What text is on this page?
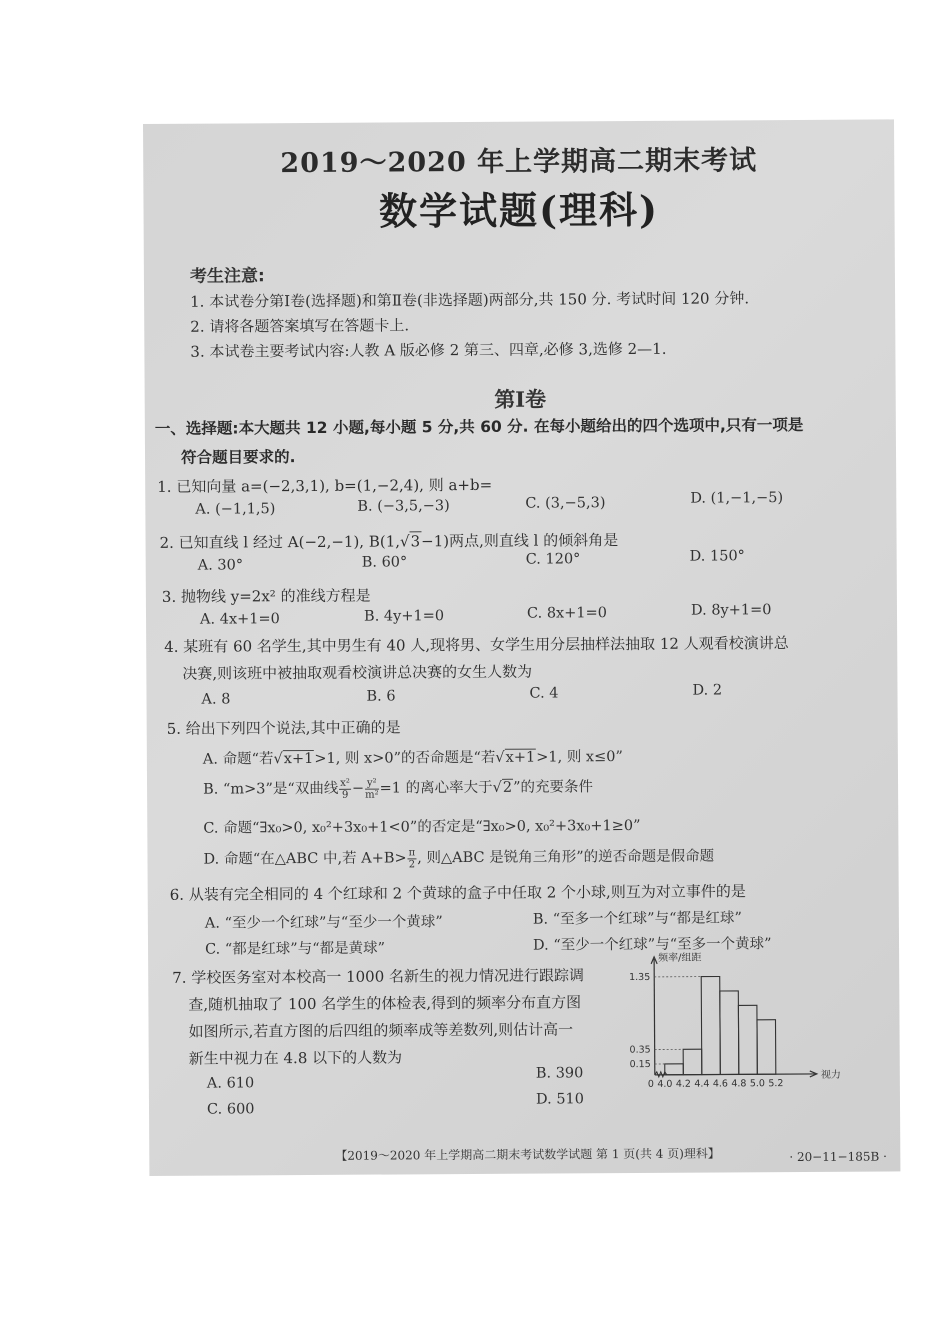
2019～2020 年上学期高二期末考试
数学试题(理科)
考生注意:
1. 本试卷分第Ⅰ卷(选择题)和第Ⅱ卷(非选择题)两部分,共 150 分. 考试时间 120 分钟.
2. 请将各题答案填写在答题卡上.
3. 本试卷主要考试内容:人教 A 版必修 2 第三、四章,必修 3,选修 2—1.
第Ⅰ卷
一、选择题:本大题共 12 小题,每小题 5 分,共 60 分. 在每小题给出的四个选项中,只有一项是
符合题目要求的.
1. 已知向量 a=(−2,3,1), b=(1,−2,4), 则 a+b=
A. (−1,1,5)	B. (−3,5,−3)	C. (3,−5,3)	D. (1,−1,−5)
2. 已知直线 l 经过 A(−2,−1), B(1,√3−1)两点,则直线 l 的倾斜角是
A. 30°	B. 60°	C. 120°	D. 150°
3. 抛物线 y=2x² 的准线方程是
A. 4x+1=0	B. 4y+1=0	C. 8x+1=0	D. 8y+1=0
4. 某班有 60 名学生,其中男生有 40 人,现将男、女学生用分层抽样法抽取 12 人观看校演讲总
决赛,则该班中被抽取观看校演讲总决赛的女生人数为
A. 8	B. 6	C. 4	D. 2
5. 给出下列四个说法,其中正确的是
A. 命题“若√x+1>1, 则 x>0”的否命题是“若√x+1>1, 则 x≤0”
B. “m>3”是“双曲线 $\frac{\text{x²}}{9} - \frac{\text{y²}}{\text{m²}} =1$ 的离心率大于√2”的充要条件
C. 命题“∃x₀>0, x₀²+3x₀+1<0”的否定是“∃x₀>0, x₀²+3x₀+1≥0”
D. 命题“在△ABC 中,若 $A+B> \frac{\pi}{2}$ , 则△ABC 是锐角三角形”的逆否命题是假命题
6. 从装有完全相同的 4 个红球和 2 个黄球的盒子中任取 2 个小球,则互为对立事件的是
A. “至少一个红球”与“至少一个黄球”	B. “至多一个红球”与“都是红球”
C. “都是红球”与“都是黄球”	D. “至少一个红球”与“至多一个黄球”
7. 学校医务室对本校高一 1000 名新生的视力情况进行跟踪调
查,随机抽取了 100 名学生的体检表,得到的频率分布直方图
如图所示,若直方图的后四组的频率成等差数列,则估计高一
新生中视力在 4.8 以下的人数为
A. 610
B. 390
C. 600
D. 510
0.15
0.35
1.35
4.0 4.2 4.4 4.6 4.8 5.0 5.2
0
频率/组距
视力
【2019～2020 年上学期高二期末考试数学试题 第 1 页(共 4 页)理科】	· 20−11−185B ·
